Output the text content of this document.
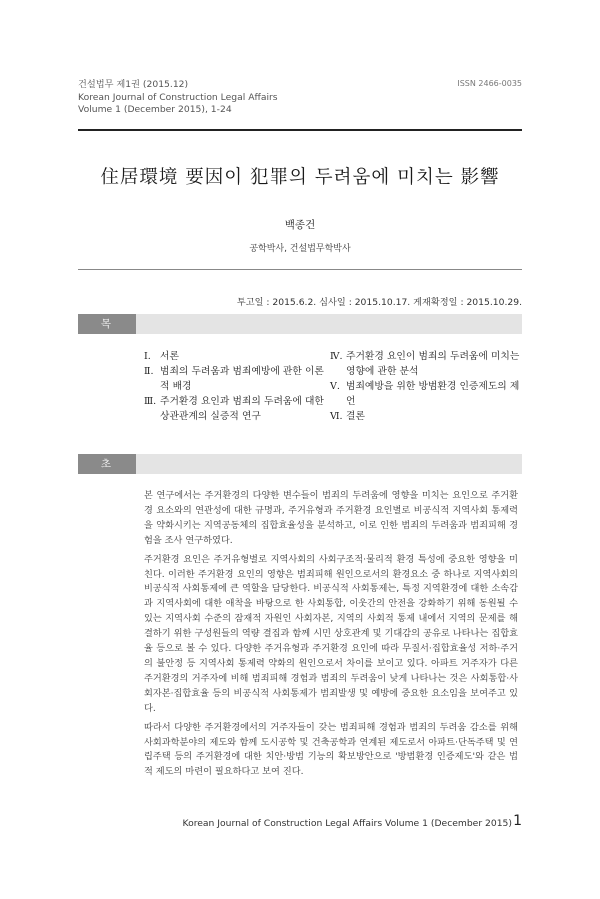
건설법무 제1권 (2015.12)
Korean Journal of Construction Legal Affairs
Volume 1 (December 2015), 1-24
ISSN 2466-0035
住居環境 要因이 犯罪의 두려움에 미치는 影響
백종건
공학박사, 건설법무학박사
투고일 : 2015.6.2. 심사일 : 2015.10.17. 게재확정일 : 2015.10.29.
목 차
Ⅰ. 서론
Ⅱ. 범죄의 두려움과 범죄예방에 관한 이론적 배경
Ⅲ. 주거환경 요인과 범죄의 두려움에 대한 상관관계의 실증적 연구
Ⅳ. 주거환경 요인이 범죄의 두려움에 미치는 영향에 관한 분석
Ⅴ. 범죄예방을 위한 방범환경 인증제도의 제언
Ⅵ. 결론
초 록

본 연구에서는 주거환경의 다양한 변수들이 범죄의 두려움에 영향을 미치는 요인으로 주거환경 요소와의 연관성에 대한 규명과, 주거유형과 주거환경 요인별로 비공식적 지역사회 통제력을 약화시키는 지역공동체의 집합효율성을 분석하고, 이로 인한 범죄의 두려움과 범죄피해 경험을 조사 연구하였다.

주거환경 요인은 주거유형별로 지역사회의 사회구조적·물리적 환경 특성에 중요한 영향을 미친다. 이러한 주거환경 요인의 영향은 범죄피해 원인으로서의 환경요소 중 하나로 지역사회의 비공식적 사회통제에 큰 역할을 담당한다. 비공식적 사회통제는, 특정 지역환경에 대한 소속감과 지역사회에 대한 애착을 바탕으로 한 사회통합, 이웃간의 안전을 강화하기 위해 동원될 수 있는 지역사회 수준의 잠재적 자원인 사회자본, 지역의 사회적 통제 내에서 지역의 문제를 해결하기 위한 구성원들의 역량 결집과 함께 시민 상호관계 및 기대감의 공유로 나타나는 집합효율 등으로 볼 수 있다. 다양한 주거유형과 주거환경 요인에 따라 무질서·집합효율성 저하·주거의 불안정 등 지역사회 통제력 약화의 원인으로서 차이를 보이고 있다. 아파트 거주자가 다른 주거환경의 거주자에 비해 범죄피해 경험과 범죄의 두려움이 낮게 나타나는 것은 사회통합·사회자본·집합효율 등의 비공식적 사회통제가 범죄발생 및 예방에 중요한 요소임을 보여주고 있다.

따라서 다양한 주거환경에서의 거주자들이 갖는 범죄피해 경험과 범죄의 두려움 감소를 위해 사회과학분야의 제도와 함께 도시공학 및 건축공학과 연계된 제도로서 아파트·단독주택 및 연립주택 등의 주거환경에 대한 치안·방범 기능의 확보방안으로 '방범환경 인증제도'와 같은 법적 제도의 마련이 필요하다고 보여 진다.

Korean Journal of Construction Legal Affairs Volume 1 (December 2015) 1
